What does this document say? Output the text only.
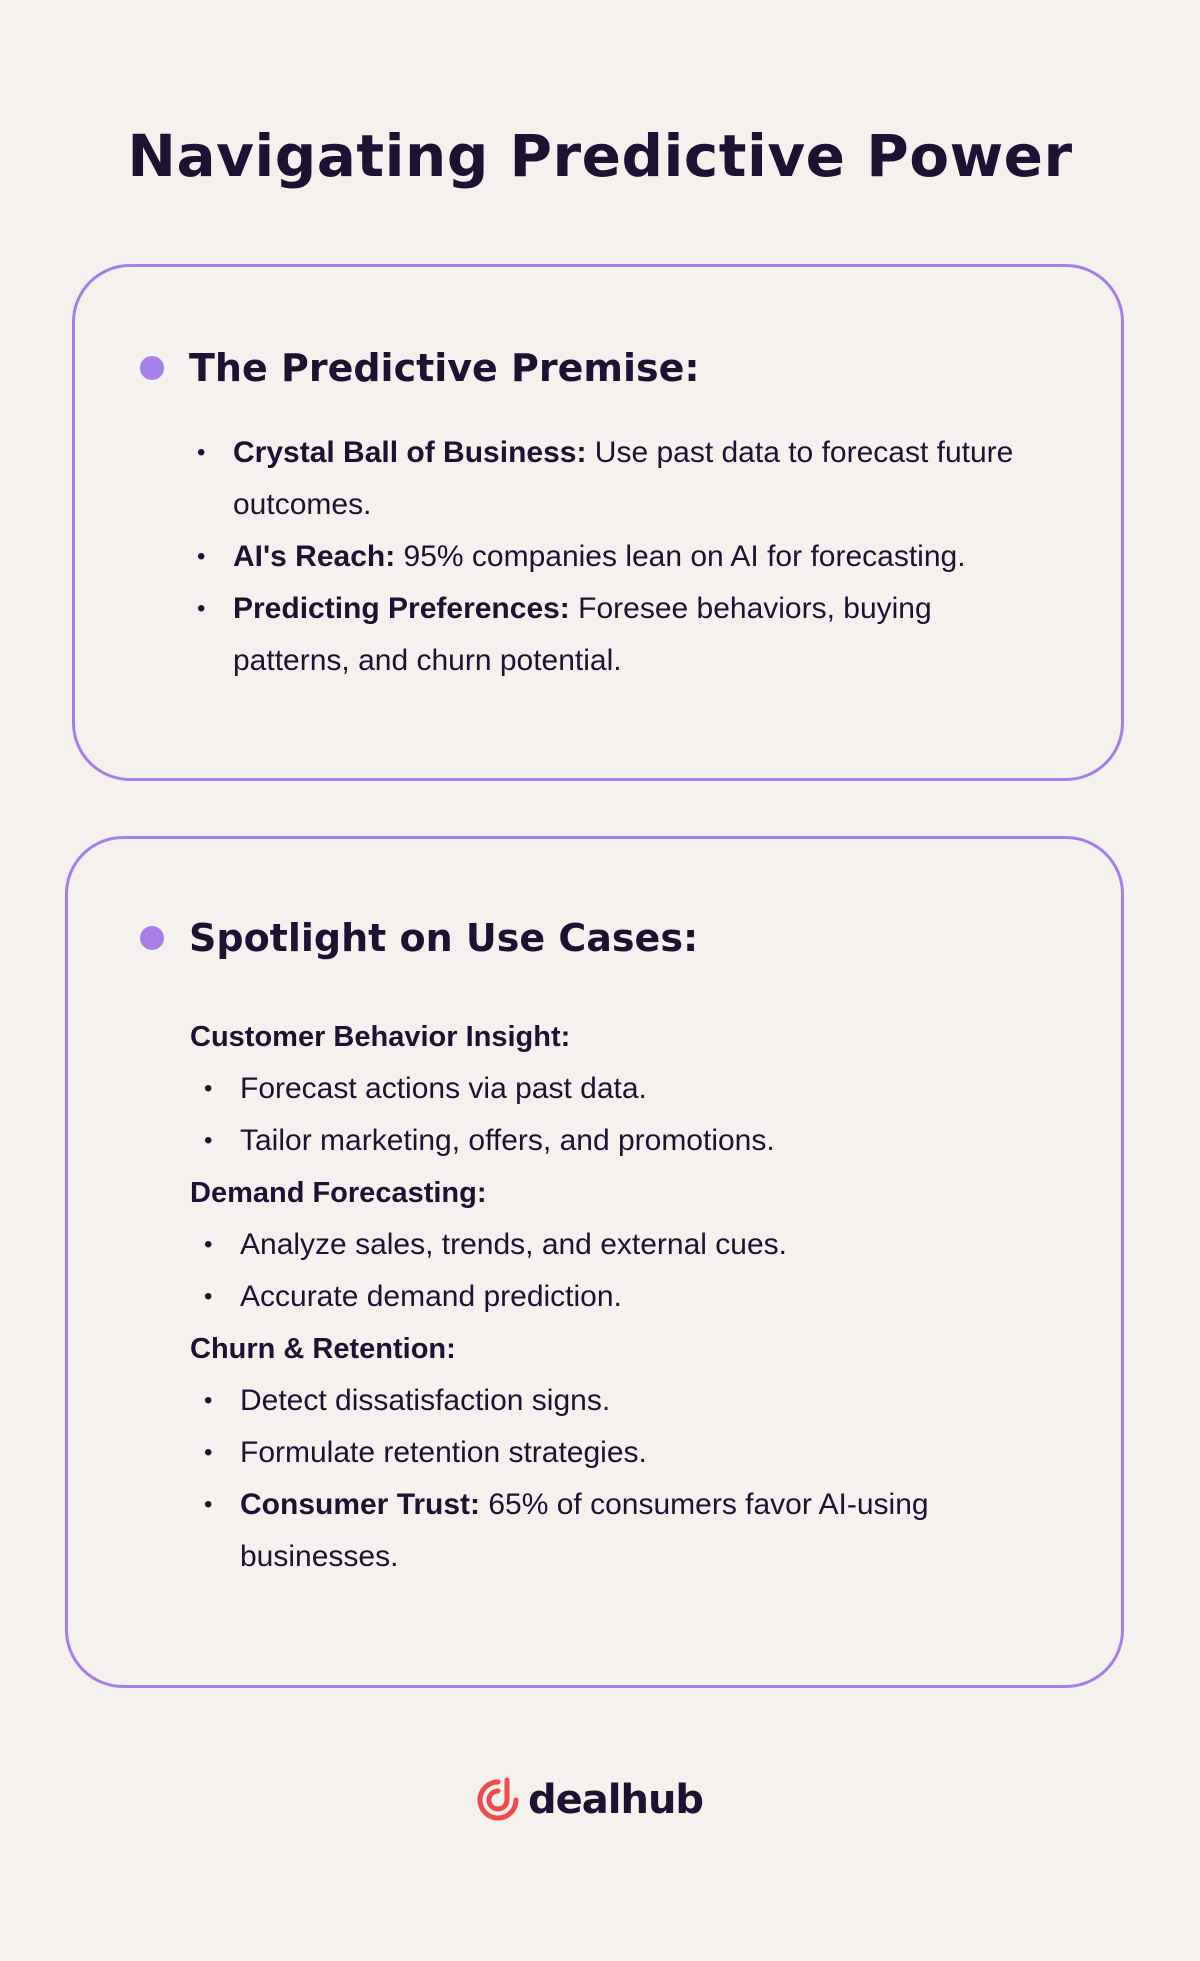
Navigating Predictive Power
The Predictive Premise:
• Crystal Ball of Business: Use past data to forecast future outcomes.
• AI's Reach: 95% companies lean on AI for forecasting.
• Predicting Preferences: Foresee behaviors, buying patterns, and churn potential.
Spotlight on Use Cases:

Customer Behavior Insight:

• Forecast actions via past data.
• Tailor marketing, offers, and promotions.

Demand Forecasting:

• Analyze sales, trends, and external cues.
• Accurate demand prediction.

Churn & Retention:

• Detect dissatisfaction signs.
• Formulate retention strategies.
• Consumer Trust: 65% of consumers favor AI-using businesses.
dealhub
